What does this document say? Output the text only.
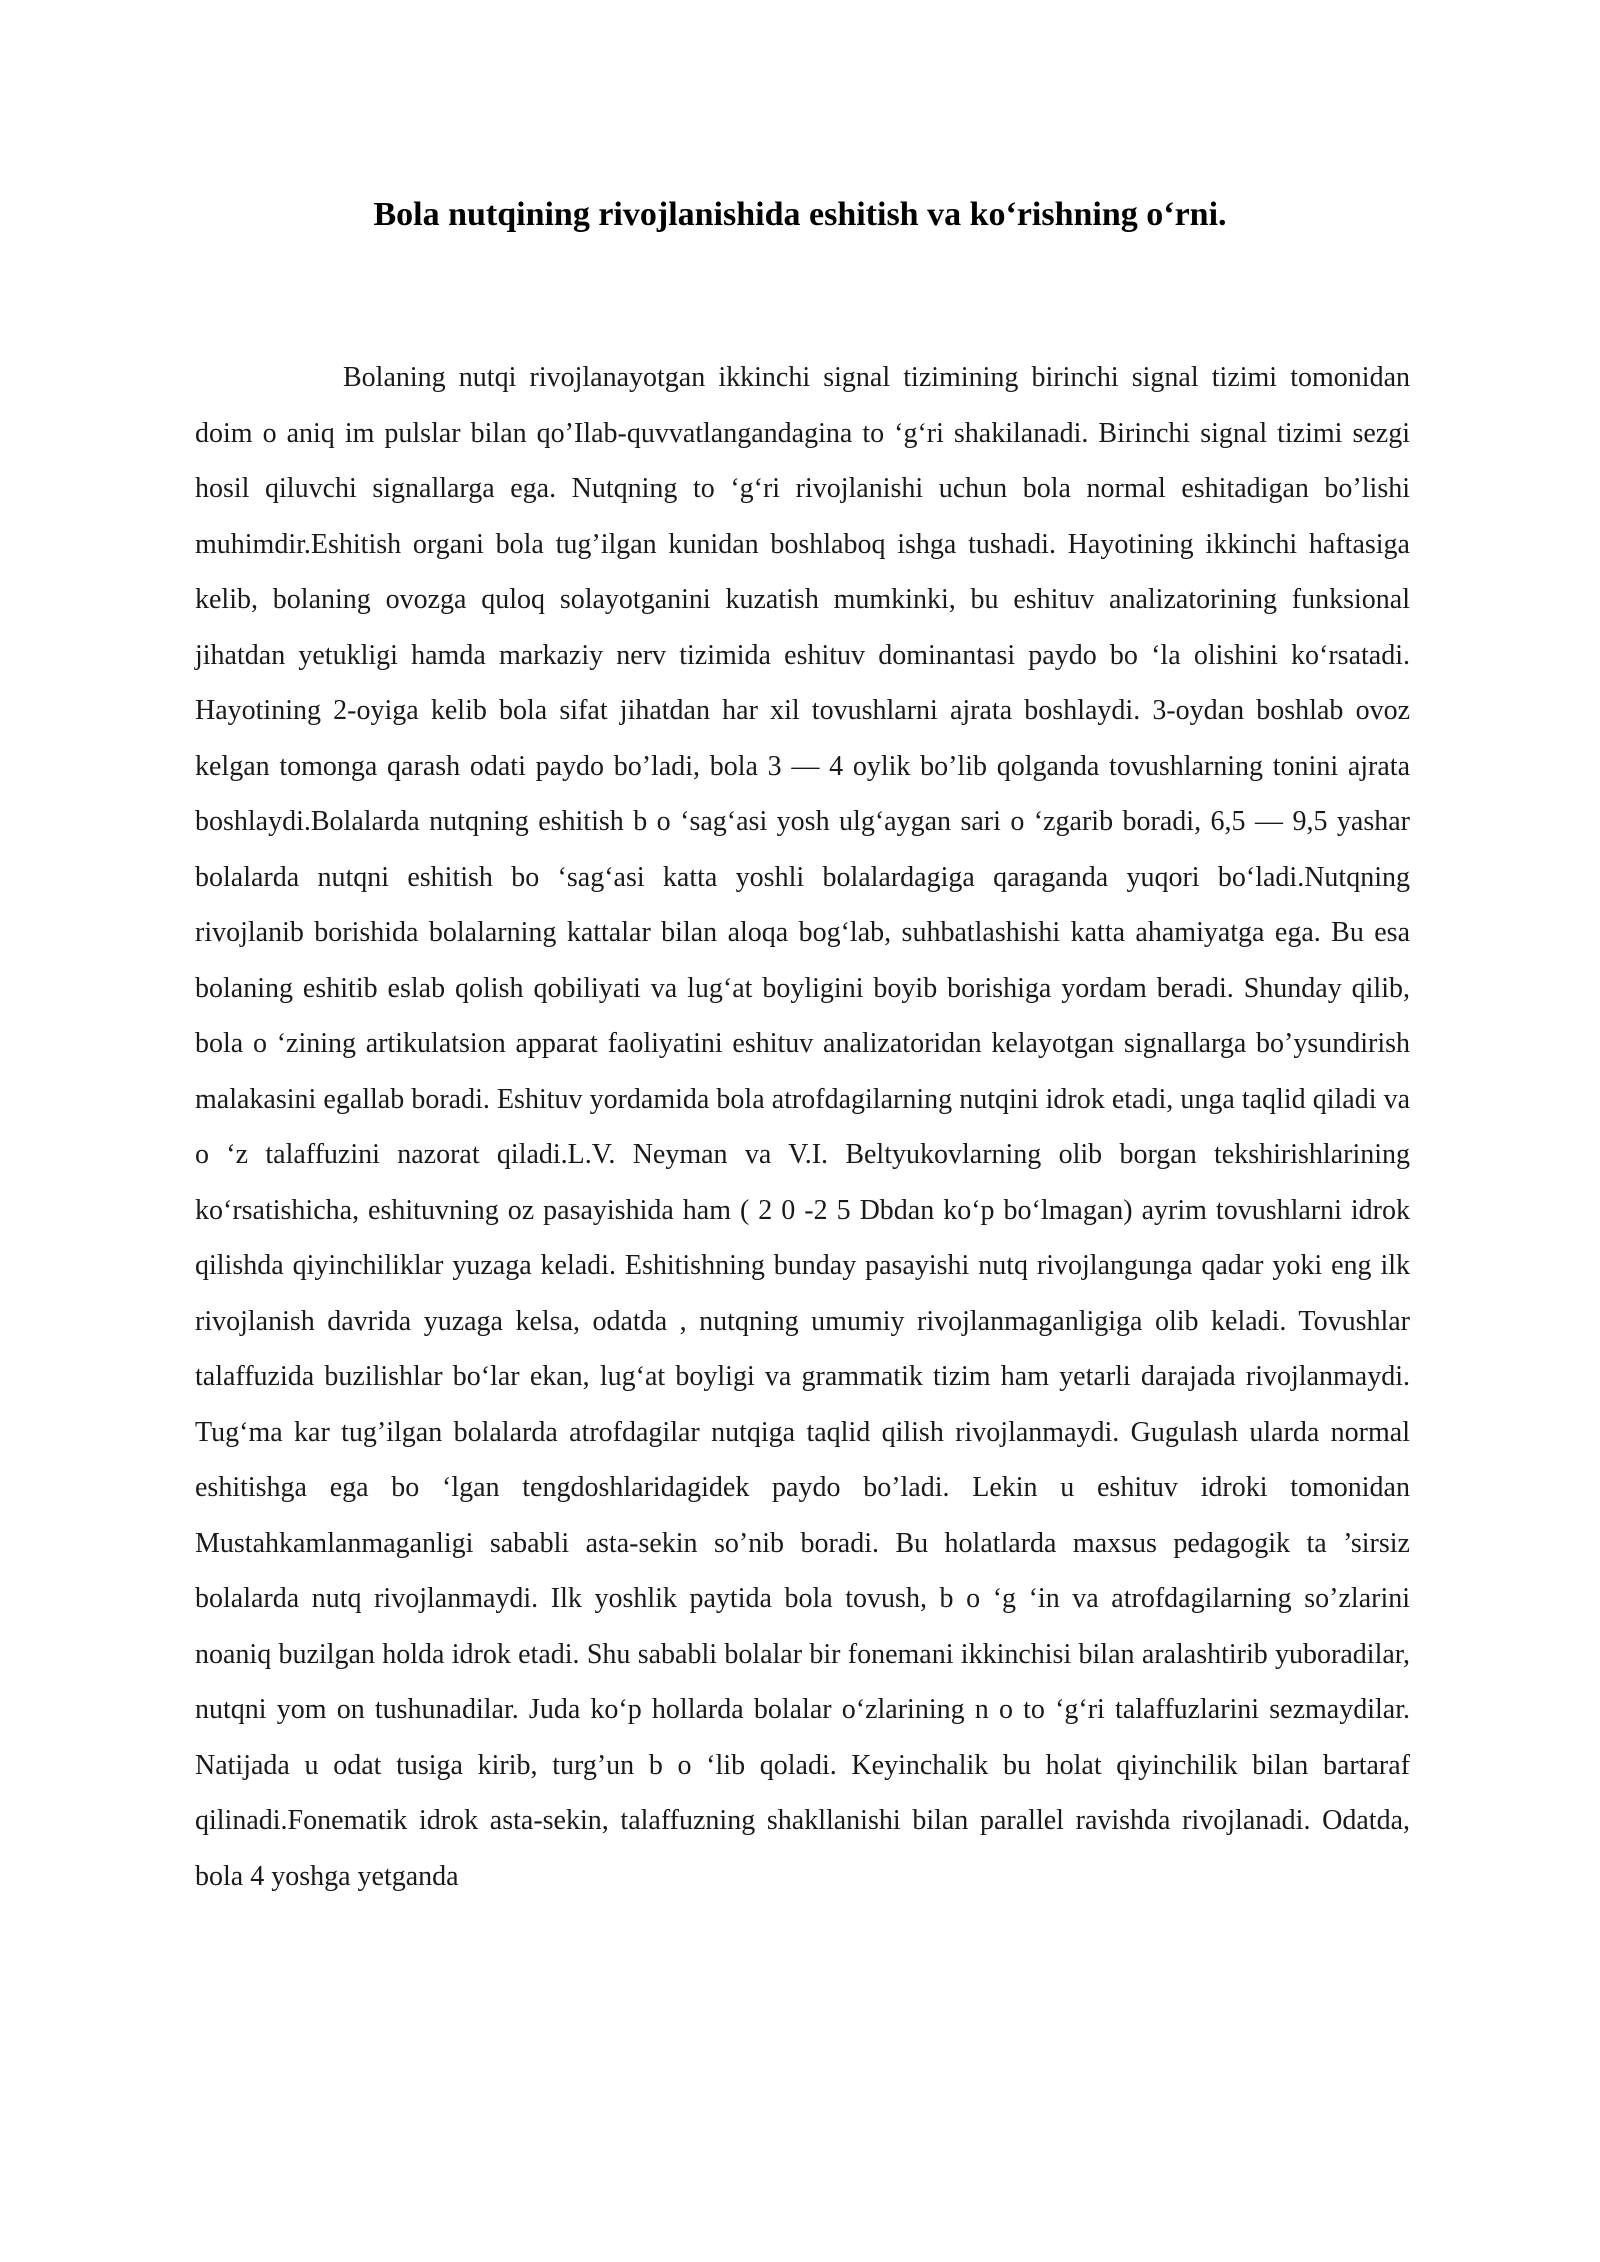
Bola nutqining rivojlanishida eshitish va ko‘rishning o‘rni.

Bolaning nutqi rivojlanayotgan ikkinchi signal tizimining birinchi signal tizimi tomonidan doim o aniq im pulslar bilan qo’Ilab-quvvatlangandagina to ‘g‘ri shakilanadi. Birinchi signal tizimi sezgi hosil qiluvchi signallarga ega. Nutqning to ‘g‘ri rivojlanishi uchun bola normal eshitadigan bo’lishi muhimdir.Eshitish organi bola tug’ilgan kunidan boshlaboq ishga tushadi. Hayotining ikkinchi haftasiga kelib, bolaning ovozga quloq solayotganini kuzatish mumkinki, bu eshituv analizatorining funksional jihatdan yetukligi hamda markaziy nerv tizimida eshituv dominantasi paydo bo ‘la olishini ko‘rsatadi. Hayotining 2-oyiga kelib bola sifat jihatdan har xil tovushlarni ajrata boshlaydi. 3-oydan boshlab ovoz kelgan tomonga qarash odati paydo bo’ladi, bola 3 — 4 oylik bo’lib qolganda tovushlarning tonini ajrata boshlaydi.Bolalarda nutqning eshitish b o ‘sag‘asi yosh ulg‘aygan sari o ‘zgarib boradi, 6,5 — 9,5 yashar bolalarda nutqni eshitish bo ‘sag‘asi katta yoshli bolalardagiga qaraganda yuqori bo‘ladi.Nutqning rivojlanib borishida bolalarning kattalar bilan aloqa bog‘lab, suhbatlashishi katta ahamiyatga ega. Bu esa bolaning eshitib eslab qolish qobiliyati va lug‘at boyligini boyib borishiga yordam beradi. Shunday qilib, bola o ‘zining artikulatsion apparat faoliyatini eshituv analizatoridan kelayotgan signallarga bo’ysundirish malakasini egallab boradi. Eshituv yordamida bola atrofdagilarning nutqini idrok etadi, unga taqlid qiladi va o ‘z talaffuzini nazorat qiladi.L.V. Neyman va V.I. Beltyukovlarning olib borgan tekshirishlarining ko‘rsatishicha, eshituvning oz pasayishida ham ( 2 0 -2 5 Dbdan ko‘p bo‘lmagan) ayrim tovushlarni idrok qilishda qiyinchiliklar yuzaga keladi. Eshitishning bunday pasayishi nutq rivojlangunga qadar yoki eng ilk rivojlanish davrida yuzaga kelsa, odatda , nutqning umumiy rivojlanmaganligiga olib keladi. Tovushlar talaffuzida buzilishlar bo‘lar ekan, lug‘at boyligi va grammatik tizim ham yetarli darajada rivojlanmaydi. Tug‘ma kar tug’ilgan bolalarda atrofdagilar nutqiga taqlid qilish rivojlanmaydi. Gugulash ularda normal eshitishga ega bo ‘lgan tengdoshlaridagidek paydo bo’ladi. Lekin u eshituv idroki tomonidan Mustahkamlanmaganligi sababli asta-sekin so’nib boradi. Bu holatlarda maxsus pedagogik ta ’sirsiz bolalarda nutq rivojlanmaydi. Ilk yoshlik paytida bola tovush, b o ‘g ‘in va atrofdagilarning so’zlarini noaniq buzilgan holda idrok etadi. Shu sababli bolalar bir fonemani ikkinchisi bilan aralashtirib yuboradilar, nutqni yom on tushunadilar. Juda ko‘p hollarda bolalar o‘zlarining n o to ‘g‘ri talaffuzlarini sezmaydilar. Natijada u odat tusiga kirib, turg’un b o ‘lib qoladi. Keyinchalik bu holat qiyinchilik bilan bartaraf qilinadi.Fonematik idrok asta-sekin, talaffuzning shakllanishi bilan parallel ravishda rivojlanadi. Odatda, bola 4 yoshga yetganda
